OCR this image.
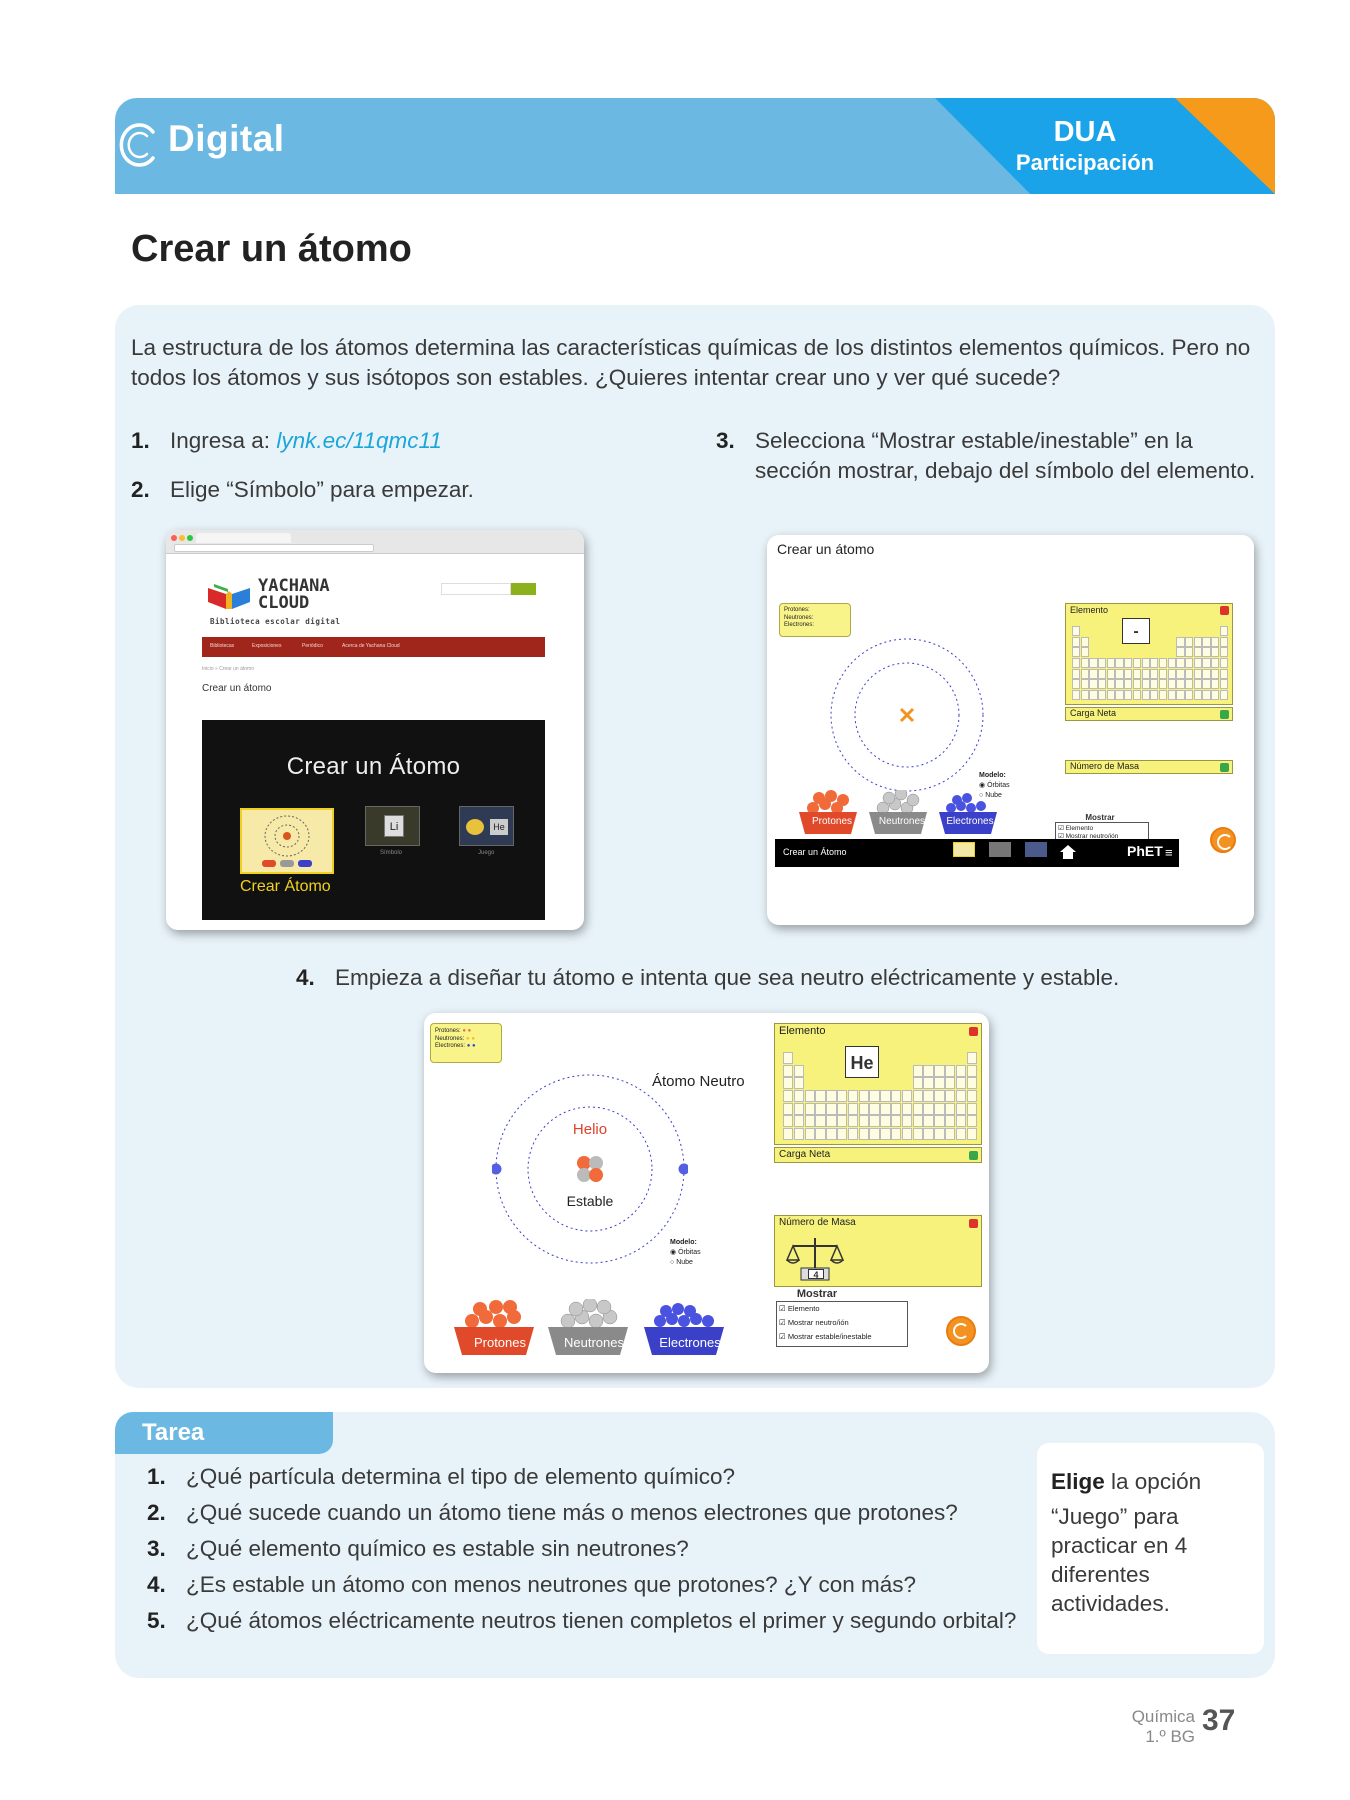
Digital	DUA
Participación
Crear un átomo
La estructura de los átomos determina las características químicas de los distintos elementos químicos. Pero no todos los átomos y sus isótopos son estables. ¿Quieres intentar crear uno y ver qué sucede?
1. Ingresa a: lynk.ec/11qmc11
2. Elige “Símbolo” para empezar.
3. Selecciona “Mostrar estable/inestable” en la sección mostrar, debajo del símbolo del elemento.
YACHANA
CLOUD
Biblioteca escolar digital
Bibliotecas	Exposiciones	Periódico	Acerca de Yachana Cloud
Inicio » Crear un átomo
Crear un átomo
Crear un Átomo
Li	He
Símbolo	Juego
Crear Átomo
Crear un átomo
Protones:
Neutrones:
Electrones:
Elemento
-
Carga Neta
Número de Masa
Modelo:
◉ Órbitas
○ Nube
Mostrar
☑ Elemento
☑ Mostrar neutro/ión
Protones	Neutrones	Electrones
Crear un Átomo	PhET ≡
4. Empieza a diseñar tu átomo e intenta que sea neutro eléctricamente y estable.
Protones: ● ●
Neutrones: ● ●
Electrones: ● ●
Átomo Neutro
Helio
Estable
Elemento
He
Carga Neta
Número de Masa
4
Modelo:
◉ Órbitas
○ Nube
Mostrar
☑ Elemento
☑ Mostrar neutro/ión
☑ Mostrar estable/inestable
Protones	Neutrones	Electrones
Tarea
1. ¿Qué partícula determina el tipo de elemento químico?
2. ¿Qué sucede cuando un átomo tiene más o menos electrones que protones?
3. ¿Qué elemento químico es estable sin neutrones?
4. ¿Es estable un átomo con menos neutrones que protones? ¿Y con más?
5. ¿Qué átomos eléctricamente neutros tienen completos el primer y segundo orbital?
Elige la opción
“Juego” para practicar en 4 diferentes actividades.
Química
1.º BG 37
